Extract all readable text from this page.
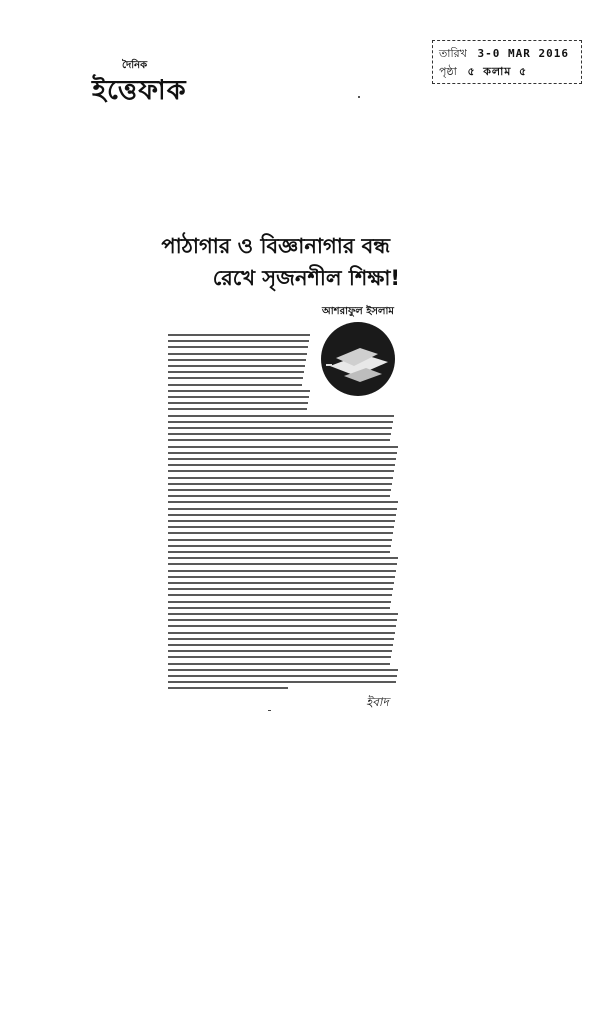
দৈনিক
ইত্তেফাক
তারিখ 3-0 MAR 2016
পৃষ্ঠা ৫ কলাম ৫
পাঠাগার ও বিজ্ঞানাগার বন্ধ
রেখে সৃজনশীল শিক্ষা!
আশরাফুল ইসলাম
ইবাদ
